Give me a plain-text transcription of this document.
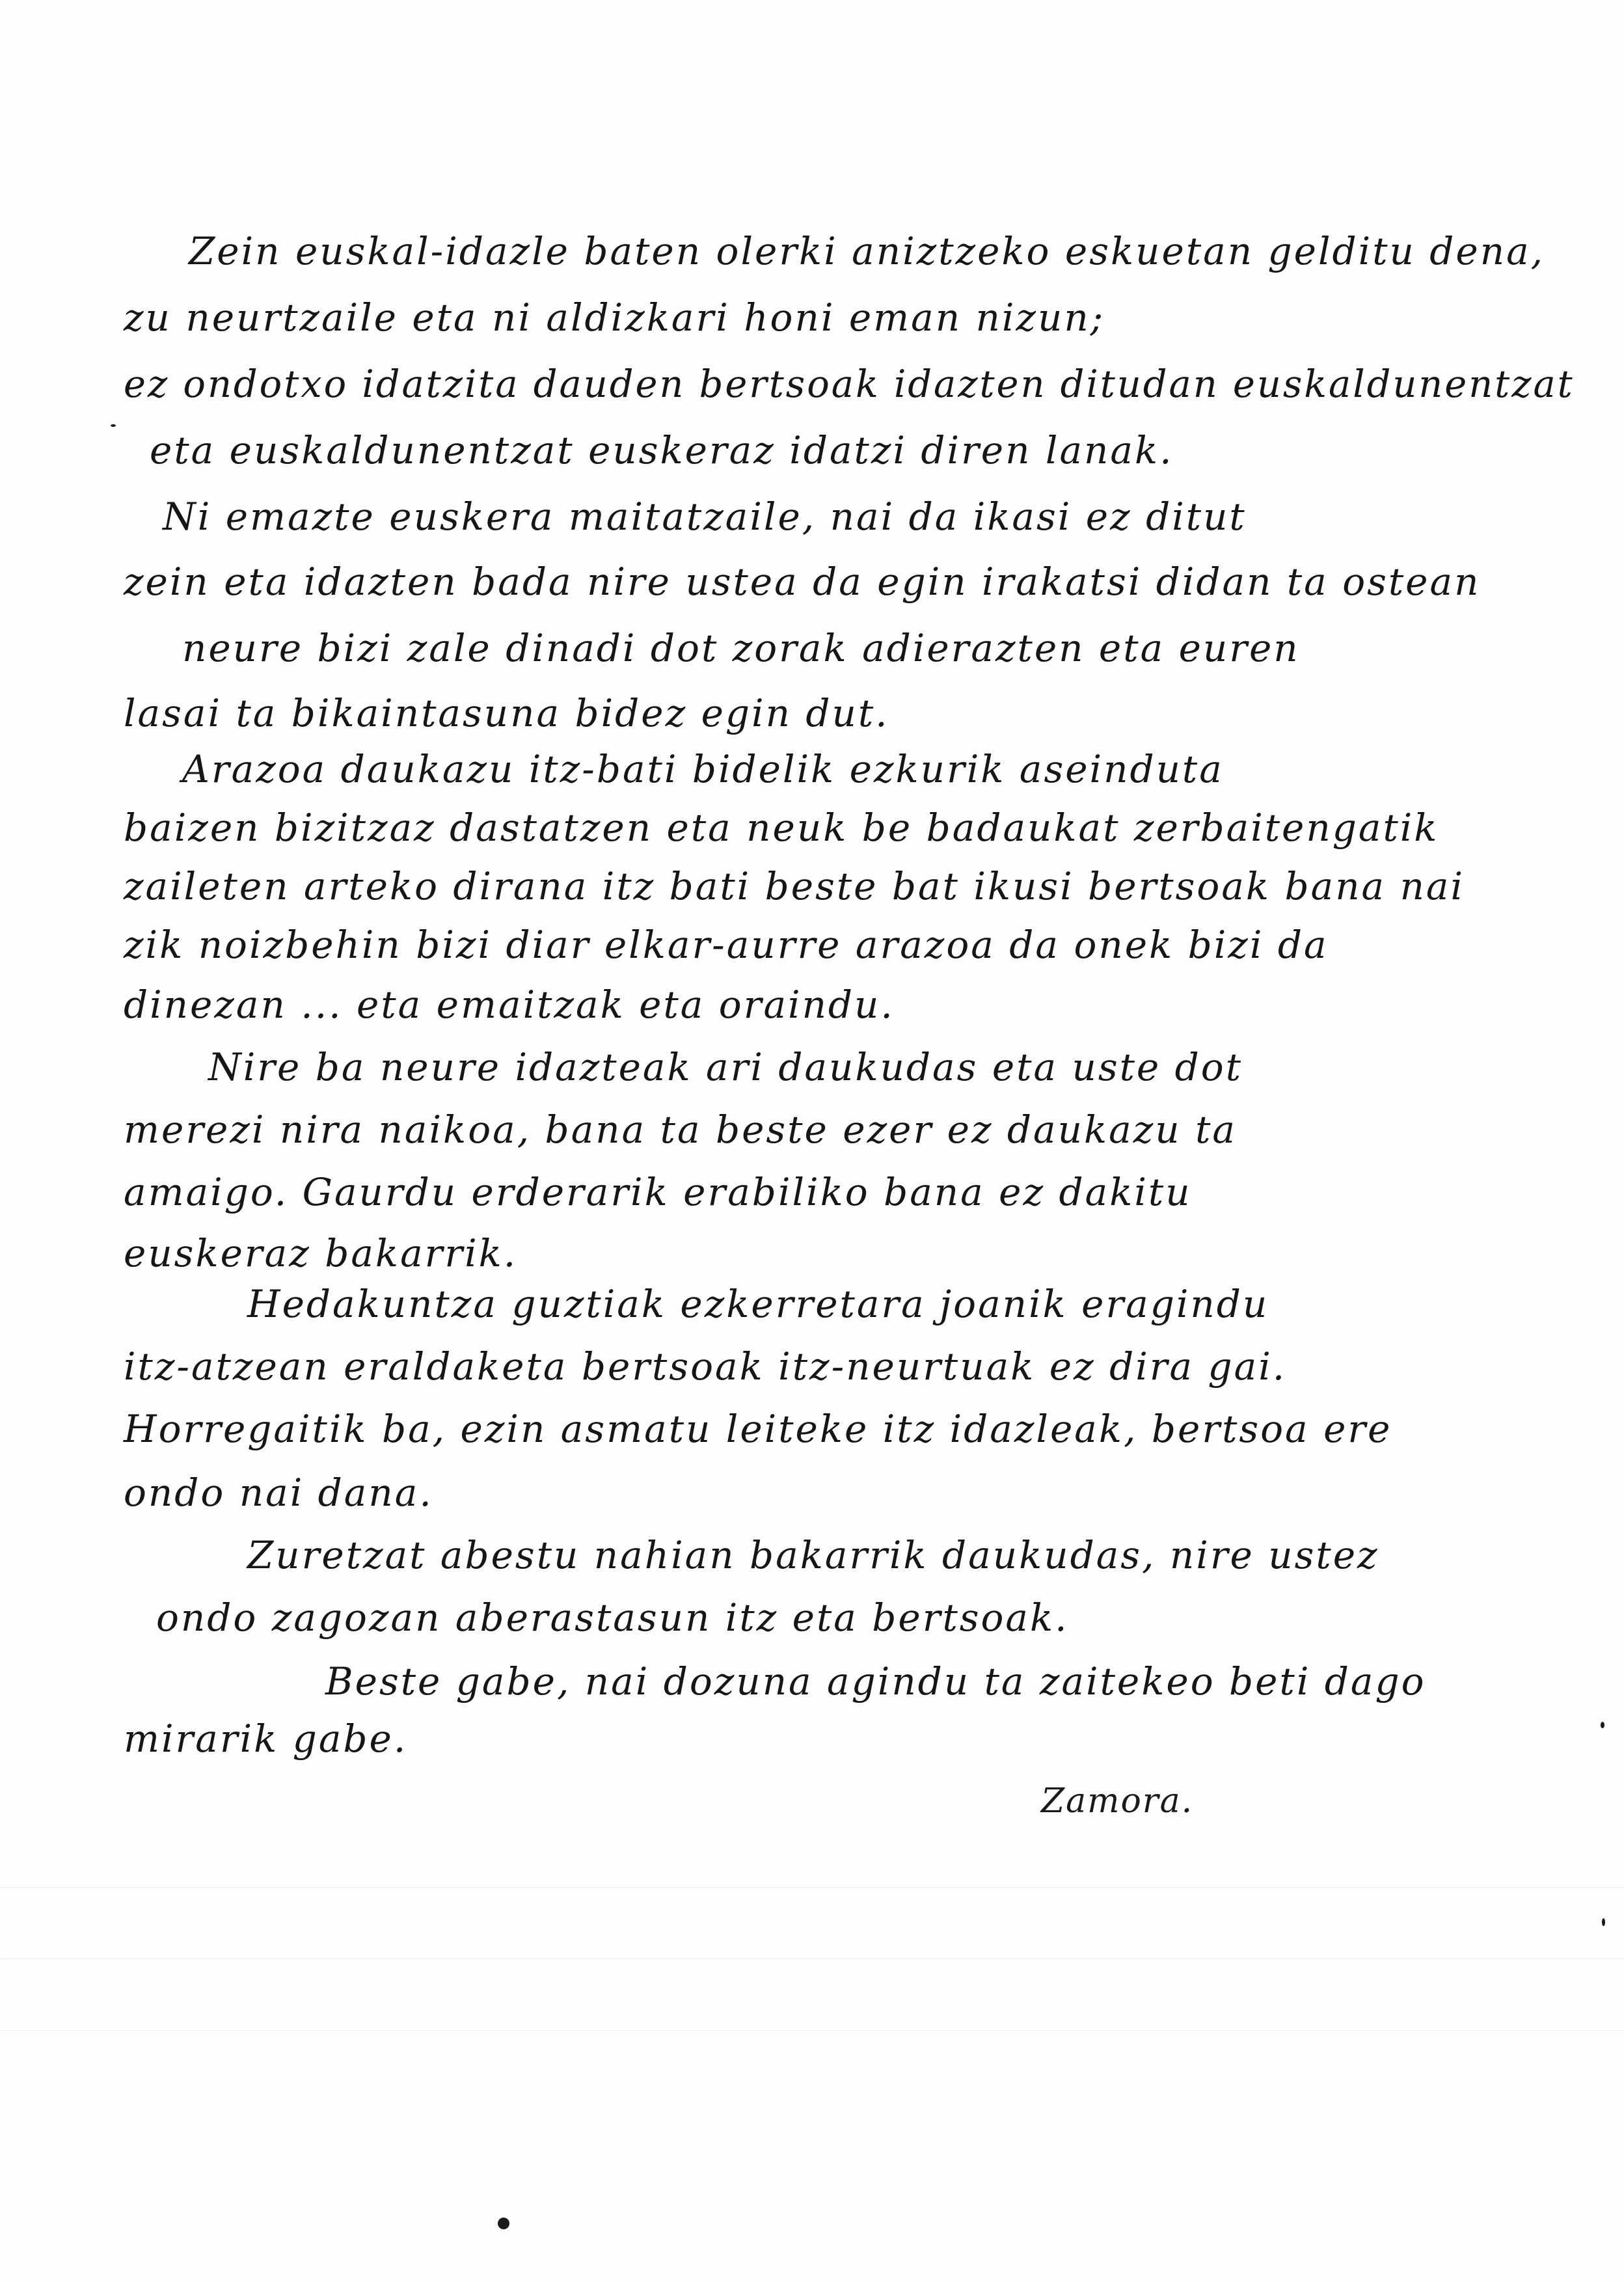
Zein euskal-idazle baten olerki aniztzeko eskuetan gelditu dena,
zu neurtzaile eta ni aldizkari honi eman nizun;
ez ondotxo idatzita dauden bertsoak idazten ditudan euskaldunentzat
eta euskaldunentzat euskeraz idatzi diren lanak.
Ni emazte euskera maitatzaile, nai da ikasi ez ditut
zein eta idazten bada nire ustea da egin irakatsi didan ta ostean
neure bizi zale dinadi dot zorak adierazten eta euren
lasai ta bikaintasuna bidez egin dut.
Arazoa daukazu itz-bati bidelik ezkurik aseinduta
baizen bizitzaz dastatzen eta neuk be badaukat zerbaitengatik
zaileten arteko dirana itz bati beste bat ikusi bertsoak bana nai
zik noizbehin bizi diar elkar-aurre arazoa da onek bizi da
dinezan ... eta emaitzak eta oraindu.
Nire ba neure idazteak ari daukudas eta uste dot
merezi nira naikoa, bana ta beste ezer ez daukazu ta
amaigo. Gaurdu erderarik erabiliko bana ez dakitu
euskeraz bakarrik.
Hedakuntza guztiak ezkerretara joanik eragindu
itz-atzean eraldaketa bertsoak itz-neurtuak ez dira gai.
Horregaitik ba, ezin asmatu leiteke itz idazleak, bertsoa ere
ondo nai dana.
Zuretzat abestu nahian bakarrik daukudas, nire ustez
ondo zagozan aberastasun itz eta bertsoak.
Beste gabe, nai dozuna agindu ta zaitekeo beti dago
mirarik gabe.
Zamora.
